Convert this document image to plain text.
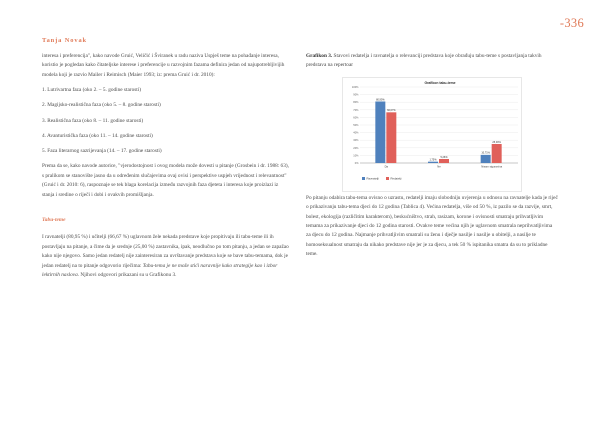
-336
Tanja Novak

interesa i preferencija", kako navode Gruić, Veličić i Šviranek u radu naziva Uspješ teme na pohađanje interesa, koristio je pogledan kako čitateljske interese i preferencije u razvojnim fazama definira jedan od najupotrebljivijih modela koji je razvio Mailer i Reimisch (Maier 1993; iz: prema Gruić i dr. 2010):

1. Lutrivartna faza (oko 2. – 5. godine starosti)
2. Magijsko-realistična faza (oko 5. – 8. godine starosti)
3. Realistična faza (oko 8. – 11. godine starosti)
4. Avanturistička faza (oko 11. – 14. godine starosti)
5. Faza literarnog sazrijevanja (14. – 17. godine starosti)

Prema da se, kako navode autorice, "vjerodostojnost i ovog modela može dovesti u pitanje (Grosbein i dr. 1988: 63), s pralikom se stanovište jasno da u određenim slučajevima ovaj ovisi i perspektive uspjeh vrijednost i relevantnost" (Gruić i dr. 2010: 6), raspoznaje se tek blaga korelacija između razvojnih faza djeteta i interesa koje proizlazi iz stanja i sredine o riječi i dobi i ovakvih promišljanja.

Tabu-teme

I ravnatelji (80,95 %) i učitelji (66,67 %) uglavnom žele nekada predstave koje propitivaju ili tabu-teme ili ih postavljaju na pitanje, a čime da je srednje (25,00 %) zastavnika, ipak, neodlučno po tom pitanju, a jedan se zapažao kako nije njegovo. Samo jedan redatelj nije zainteresiran za uvrštavanje predstava koje se bave tabu-temama, dok je jedan redatelj na to pitanje odgovorio riječima: Tabu-tema je ne može stići naravnije kako strategije kao i izbor lektirnih naslova. Njihovi odgovori prikazani su u Grafikonu 3.

Grafikon 3. Stavovi redatelja i ravnatelja o relevanciji predstava koje obrađuju tabu-teme s postavljanja takvih predstava na repertoar

Grafikon tabu-teme
0%
10%
20%
30%
40%
50%
60%
70%
80%
90%
100%
80,95%
66,67%
Da
1,75%
5,26%
Ne
10,71%
25,00%
Nisam siguran/na
Ravnatelji	Redatelji

Po pitanju odabira tabu-tema ovisno o uzrastu, redatelji imaju slobodniju uvjerenja u odnosu na ravnatelje kada je riječ o prikazivanju tabu-tema djeci do 12 godina (Tablica 4). Većina redatelja, više od 50 %, iz pazilo se da razvije, smrt, bolest, ekologija (različitim karakterom), beskućništvo, strah, rasizam, korone i ovisnosti smatraju prihvatljivim temama za prikazivanje djeci do 12 godina starosti. Ovakve teme većina njih je uglavnom smatrala neprihvatljivima za djecu do 12 godina. Najmanje prihvatljivim smatrali su ženu i dječje nasilje i nasilje u obitelji, a nasilje te homoseksualnost smatraju da nikako predstave nije jer je za djecu, a tek 50 % ispitanika smatra da su to prikladne teme.
